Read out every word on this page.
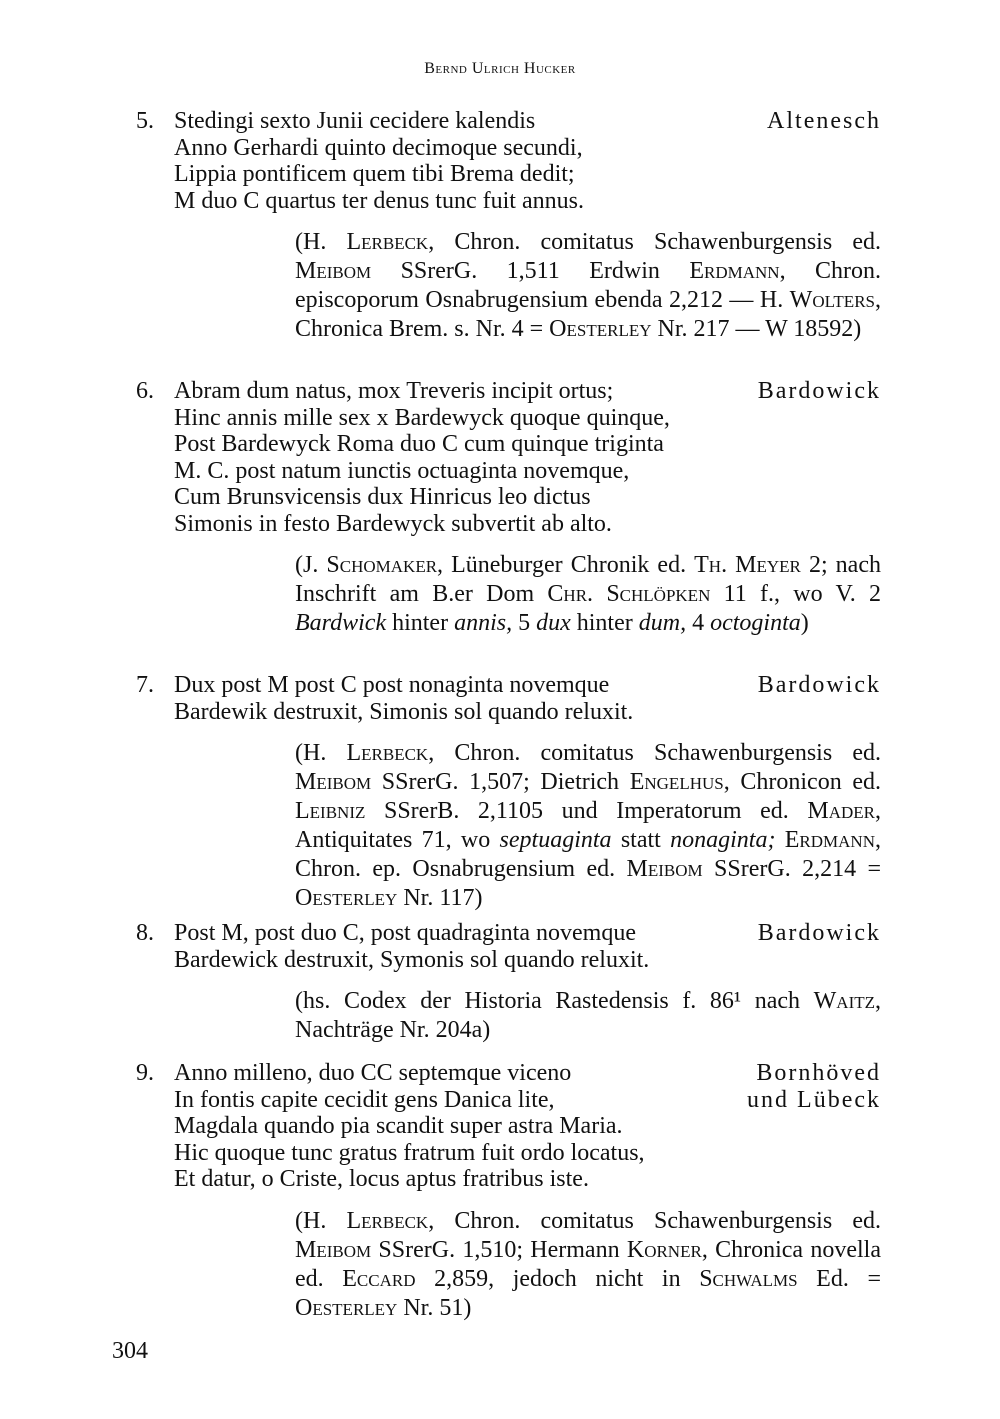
Bernd Ulrich Hucker
5. Stedingi sexto Junii cecidere kalendis
Anno Gerhardi quinto decimoque secundi,
Lippia pontificem quem tibi Brema dedit;
M duo C quartus ter denus tunc fuit annus.
Altenesch
(H. Lerbeck, Chron. comitatus Schawenburgensis ed. Meibom SSrerG. 1,511 Erdwin Erdmann, Chron. episcoporum Osnabrugensium ebenda 2,212 — H. Wolters, Chronica Brem. s. Nr. 4 = Oesterley Nr. 217 — W 18592)
6. Abram dum natus, mox Treveris incipit ortus;
Hinc annis mille sex x Bardewyck quoque quinque,
Post Bardewyck Roma duo C cum quinque triginta
M. C. post natum iunctis octuaginta novemque,
Cum Brunsvicensis dux Hinricus leo dictus
Simonis in festo Bardewyck subvertit ab alto.
Bardowick
(J. Schomaker, Lüneburger Chronik ed. Th. Meyer 2; nach Inschrift am B.er Dom Chr. Schlöpken 11 f., wo V. 2 Bardwick hinter annis, 5 dux hinter dum, 4 octoginta)
7. Dux post M post C post nonaginta novemque
Bardewik destruxit, Simonis sol quando reluxit.
Bardowick
(H. Lerbeck, Chron. comitatus Schawenburgensis ed. Meibom SSrerG. 1,507; Dietrich Engelhus, Chronicon ed. Leibniz SSrerB. 2,1105 und Imperatorum ed. Mader, Antiquitates 71, wo septuaginta statt nonaginta; Erdmann, Chron. ep. Osnabrugensium ed. Meibom SSrerG. 2,214 = Oesterley Nr. 117)
8. Post M, post duo C, post quadraginta novemque
Bardewick destruxit, Symonis sol quando reluxit.
Bardowick
(hs. Codex der Historia Rastedensis f. 86¹ nach Waitz, Nachträge Nr. 204a)
9. Anno milleno, duo CC septemque viceno
In fontis capite cecidit gens Danica lite,
Magdala quando pia scandit super astra Maria.
Hic quoque tunc gratus fratrum fuit ordo locatus,
Et datur, o Criste, locus aptus fratribus iste.
Bornhöved
und Lübeck
(H. Lerbeck, Chron. comitatus Schawenburgensis ed. Meibom SSrerG. 1,510; Hermann Korner, Chronica novella ed. Eccard 2,859, jedoch nicht in Schwalms Ed. = Oesterley Nr. 51)
304
